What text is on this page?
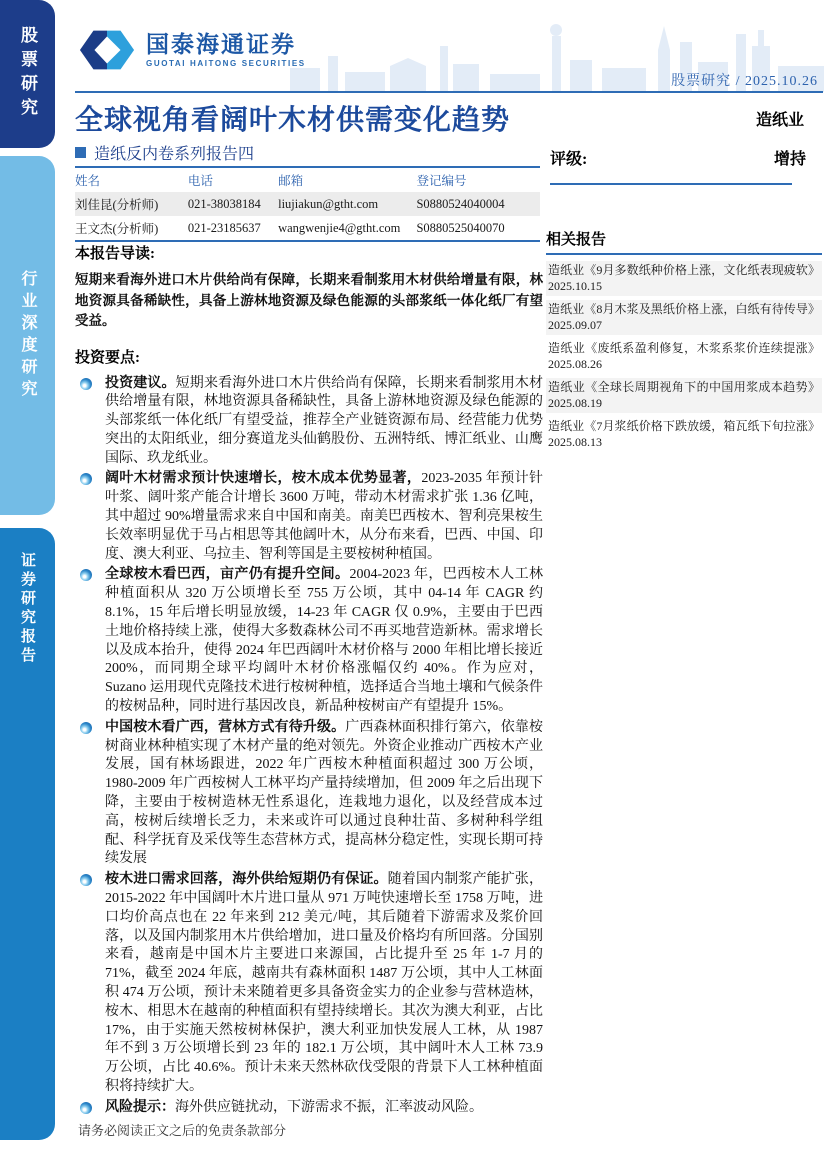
股票研究
行业深度研究
证券研究报告
国泰海通证券
GUOTAI HAITONG SECURITIES
股票研究 / 2025.10.26
全球视角看阔叶木材供需变化趋势	造纸业
造纸反内卷系列报告四	评级:	增持
姓名	电话	邮箱	登记编号
刘佳昆(分析师)	021-38038184	liujiakun@gtht.com	S0880524040004
王文杰(分析师)	021-23185637	wangwenjie4@gtht.com	S0880525040070

本报告导读:

短期来看海外进口木片供给尚有保障，长期来看制浆用木材供给增量有限，林地资源具备稀缺性，具备上游林地资源及绿色能源的头部浆纸一体化纸厂有望受益。

投资要点:

投资建议。短期来看海外进口木片供给尚有保障，长期来看制浆用木材供给增量有限，林地资源具备稀缺性，具备上游林地资源及绿色能源的头部浆纸一体化纸厂有望受益，推荐全产业链资源布局、经营能力优势突出的太阳纸业，细分赛道龙头仙鹤股份、五洲特纸、博汇纸业、山鹰国际、玖龙纸业。
阔叶木材需求预计快速增长，桉木成本优势显著，2023-2035 年预计针叶浆、阔叶浆产能合计增长 3600 万吨，带动木材需求扩张 1.36 亿吨，其中超过 90%增量需求来自中国和南美。南美巴西桉木、智利亮果桉生长效率明显优于马占相思等其他阔叶木，从分布来看，巴西、中国、印度、澳大利亚、乌拉圭、智利等国是主要桉树种植国。
全球桉木看巴西，亩产仍有提升空间。2004-2023 年，巴西桉木人工林种植面积从 320 万公顷增长至 755 万公顷，其中 04-14 年 CAGR 约 8.1%，15 年后增长明显放缓，14-23 年 CAGR 仅 0.9%，主要由于巴西土地价格持续上涨，使得大多数森林公司不再买地营造新林。需求增长以及成本抬升，使得 2024 年巴西阔叶木材价格与 2000 年相比增长接近 200%，而同期全球平均阔叶木材价格涨幅仅约 40%。作为应对，Suzano 运用现代克隆技术进行桉树种植，选择适合当地土壤和气候条件的桉树品种，同时进行基因改良，新品种桉树亩产有望提升 15%。
中国桉木看广西，营林方式有待升级。广西森林面积排行第六，依靠桉树商业林种植实现了木材产量的绝对领先。外资企业推动广西桉木产业发展，国有林场跟进，2022 年广西桉木种植面积超过 300 万公顷，1980-2009 年广西桉树人工林平均产量持续增加，但 2009 年之后出现下降，主要由于桉树造林无性系退化，连栽地力退化，以及经营成本过高，桉树后续增长乏力，未来或许可以通过良种壮苗、多树种科学组配、科学抚育及采伐等生态营林方式，提高林分稳定性，实现长期可持续发展
桉木进口需求回落，海外供给短期仍有保证。随着国内制浆产能扩张，2015-2022 年中国阔叶木片进口量从 971 万吨快速增长至 1758 万吨，进口均价高点也在 22 年来到 212 美元/吨，其后随着下游需求及浆价回落，以及国内制浆用木片供给增加，进口量及价格均有所回落。分国别来看，越南是中国木片主要进口来源国，占比提升至 25 年 1-7 月的 71%，截至 2024 年底，越南共有森林面积 1487 万公顷，其中人工林面积 474 万公顷，预计未来随着更多具备资金实力的企业参与营林造林，桉木、相思木在越南的种植面积有望持续增长。其次为澳大利亚，占比 17%，由于实施天然桉树林保护，澳大利亚加快发展人工林，从 1987 年不到 3 万公顷增长到 23 年的 182.1 万公顷，其中阔叶木人工林 73.9 万公顷，占比 40.6%。预计未来天然林砍伐受限的背景下人工林种植面积将持续扩大。
风险提示：海外供应链扰动，下游需求不振，汇率波动风险。

相关报告

造纸业《9月多数纸种价格上涨，文化纸表现疲软》2025.10.15
造纸业《8月木浆及黑纸价格上涨，白纸有待传导》2025.09.07
造纸业《废纸系盈利修复，木浆系浆价连续提涨》2025.08.26
造纸业《全球长周期视角下的中国用浆成本趋势》2025.08.19
造纸业《7月浆纸价格下跌放缓，箱瓦纸下旬拉涨》2025.08.13
请务必阅读正文之后的免责条款部分
